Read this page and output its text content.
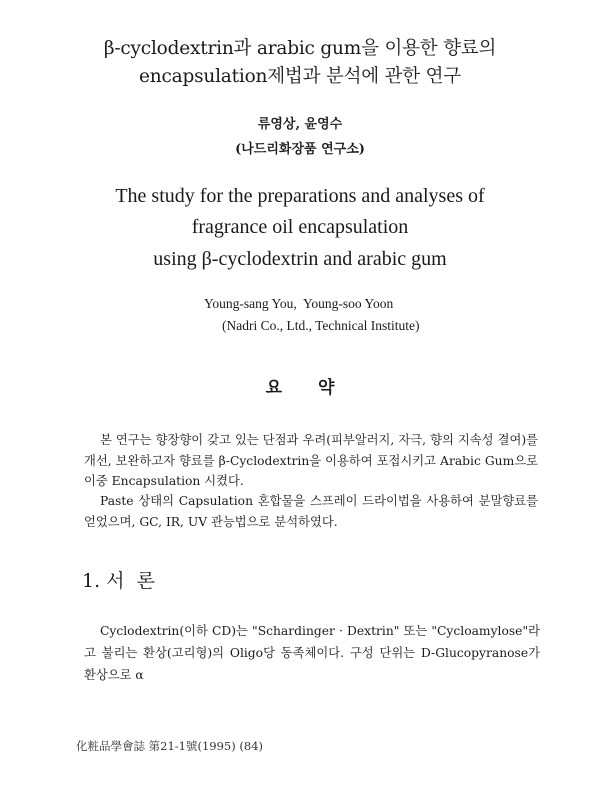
β-cyclodextrin과 arabic gum을 이용한 향료의
encapsulation제법과 분석에 관한 연구
류영상, 윤영수
(나드리화장품 연구소)
The study for the preparations and analyses of
fragrance oil encapsulation
using β-cyclodextrin and arabic gum
Young-sang You,  Young-soo Yoon
(Nadri Co., Ltd., Technical Institute)
요 약
본 연구는 향장향이 갖고 있는 단점과 우려(피부알러지, 자극, 향의 지속성 결여)를 개선, 보완하고자 향료를 β-Cyclodextrin을 이용하여 포접시키고 Arabic Gum으로 이중 Encapsulation 시켰다.
Paste 상태의 Capsulation 혼합물을 스프레이 드라이법을 사용하여 분말향료를 얻었으며, GC, IR, UV 관능법으로 분석하였다.
1. 서  론
Cyclodextrin(이하 CD)는 "Schardinger · Dextrin" 또는 "Cycloamylose"라고 불리는 환상(고리형)의 Oligo당 동족체이다. 구성 단위는 D-Glucopyranose가 환상으로 α
化粧品學會誌 第21-1號(1995) (84)
